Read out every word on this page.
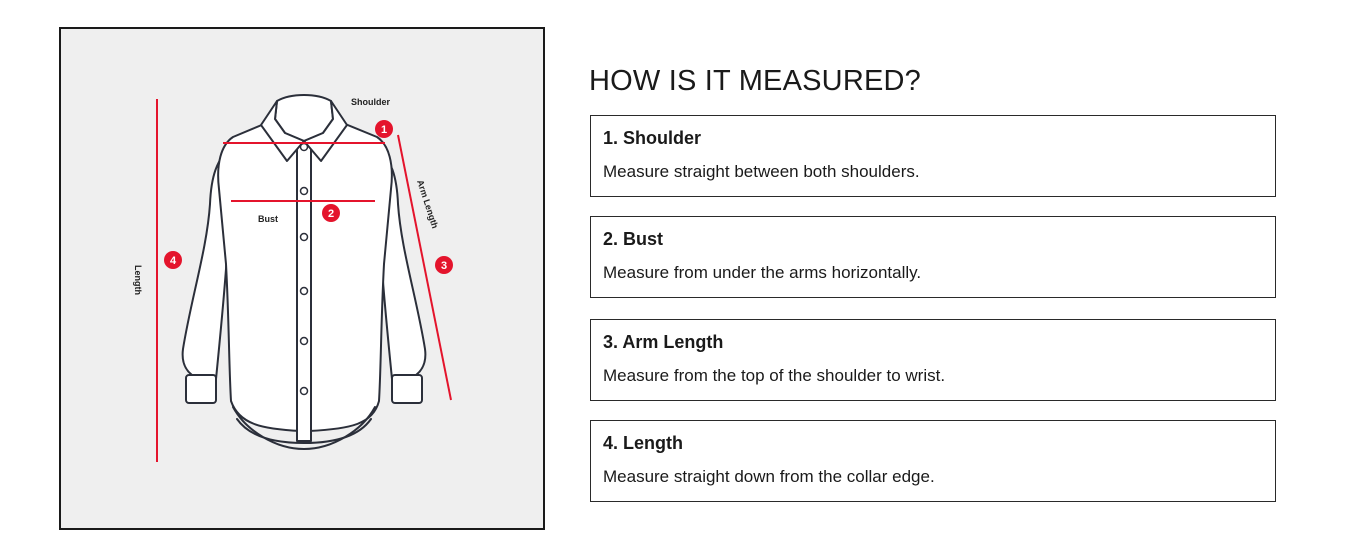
1
2
3
4
Shoulder
Bust	Arm Length
Length
HOW IS IT MEASURED?
1. Shoulder
Measure straight between both shoulders.
2. Bust
Measure from under the arms horizontally.
3. Arm Length
Measure from the top of the shoulder to wrist.
4. Length
Measure straight down from the collar edge.
